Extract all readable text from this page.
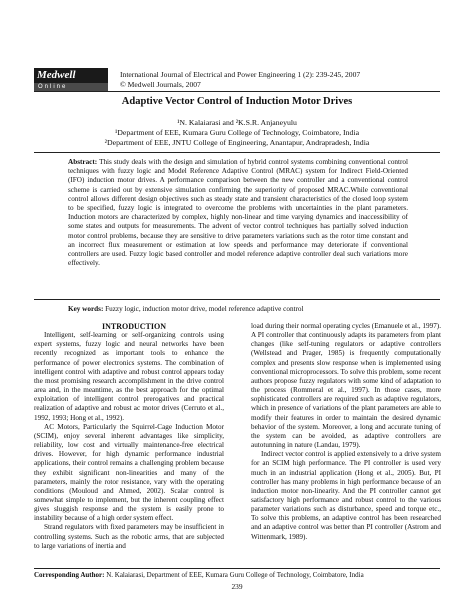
Medwell
Online
International Journal of Electrical and Power Engineering 1 (2): 239-245, 2007
© Medwell Journals, 2007
Adaptive Vector Control of Induction Motor Drives
¹N. Kalaiarasi and ²K.S.R. Anjaneyulu
¹Department of EEE, Kumara Guru College of Technology, Coimbatore, India
²Department of EEE, JNTU College of Engineering, Anantapur, Andrapradesh, India
Abstract: This study deals with the design and simulation of hybrid control systems combining conventional control techniques with fuzzy logic and Model Reference Adaptive Control (MRAC) system for Indirect Field-Oriented (IFO) induction motor drives. A performance comparison between the new controller and a conventional control scheme is carried out by extensive simulation confirming the superiority of proposed MRAC.While conventional control allows different design objectives such as steady state and transient characteristics of the closed loop system to be specified, fuzzy logic is integrated to overcome the problems with uncertainties in the plant parameters. Induction motors are characterized by complex, highly non-linear and time varying dynamics and inaccessibility of some states and outputs for measurements. The advent of vector control techniques has partially solved induction motor control problems, because they are sensitive to drive parameters variations such as the rotor time constant and an incorrect flux measurement or estimation at low speeds and performance may deteriorate if conventional controllers are used. Fuzzy logic based controller and model reference adaptive controller deal such variations more effectively.
Key words: Fuzzy logic, induction motor drive, model reference adaptive control

INTRODUCTION

Intelligent, self-learning or self-organizing controls using expert systems, fuzzy logic and neural networks have been recently recognized as important tools to enhance the performance of power electronics systems. The combination of intelligent control with adaptive and robust control appears today the most promising research accomplishment in the drive control area and, in the meantime, as the best approach for the optimal exploitation of intelligent control prerogatives and practical realization of adaptive and robust ac motor drives (Cerruto et al., 1992, 1993; Hong et al., 1992).

AC Motors, Particularly the Squirrel-Cage Induction Motor (SCIM), enjoy several inherent advantages like simplicity, reliability, low cost and virtually maintenance-free electrical drives. However, for high dynamic performance industrial applications, their control remains a challenging problem because they exhibit significant non-linearities and many of the parameters, mainly the rotor resistance, vary with the operating conditions (Mouloud and Ahmed, 2002). Scalar control is somewhat simple to implement, but the inherent coupling effect gives sluggish response and the system is easily prone to instability because of a high order system effect.

Strand regulators with fixed parameters may be insufficient in controlling systems. Such as the robotic arms, that are subjected to large variations of inertia and

load during their normal operating cycles (Emanuele et al., 1997). A PI controller that continuously adapts its parameters from plant changes (like self-tuning regulators or adaptive controllers (Wellstead and Prager, 1985) is frequently computationally complex and presents slow response when is implemented using conventional microprocessors. To solve this problem, some recent authors propose fuzzy regulators with some kind of adaptation to the process (Rommeral et al., 1997). In those cases, more sophisticated controllers are required such as adaptive regulators, which in presence of variations of the plant parameters are able to modify their features in order to maintain the desired dynamic behavior of the system. Moreover, a long and accurate tuning of the system can be avoided, as adaptive controllers are autotunning in nature (Landau, 1979).

Indirect vector control is applied extensively to a drive system for an SCIM high performance. The PI controller is used very much in an industrial application (Hong et al., 2005). But, PI controller has many problems in high performance because of an induction motor non-linearity. And the PI controller cannot get satisfactory high performance and robust control to the various parameter variations such as disturbance, speed and torque etc., To solve this problems, an adaptive control has been researched and an adaptive control was better than PI controller (Astrom and Wittenmark, 1989).

Corresponding Author: N. Kalaiarasi, Department of EEE, Kumara Guru College of Technology, Coimbatore, India
239
